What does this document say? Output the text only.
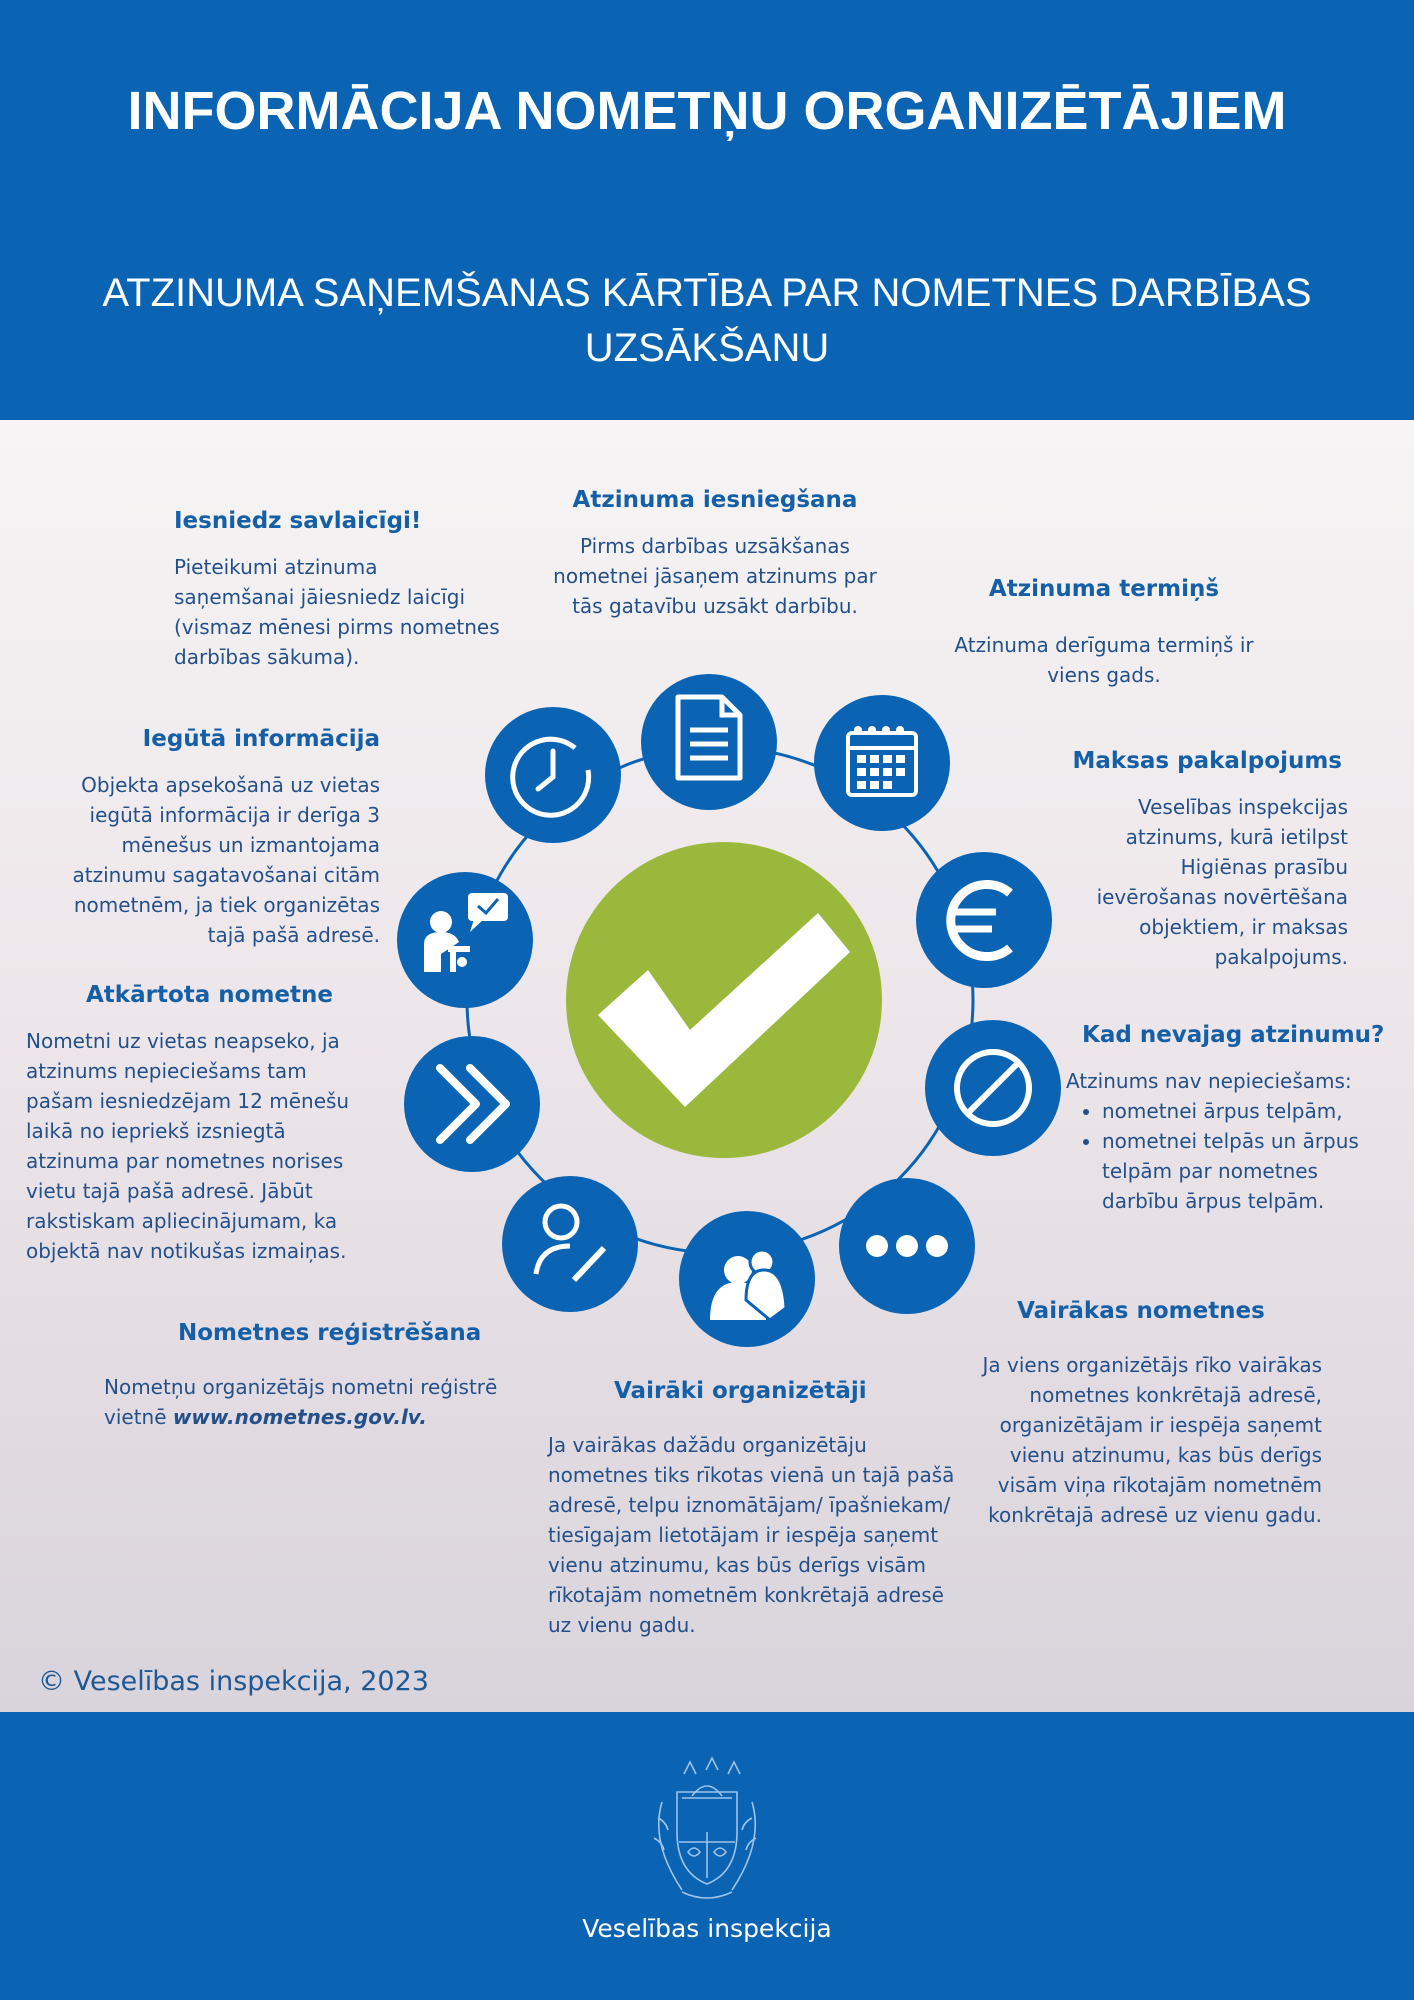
INFORMĀCIJA NOMETŅU ORGANIZĒTĀJIEM
ATZINUMA SAŅEMŠANAS KĀRTĪBA PAR NOMETNES DARBĪBAS UZSĀKŠANU
Iesniedz savlaicīgi!

Pieteikumi atzinuma saņemšanai jāiesniedz laicīgi (vismaz mēnesi pirms nometnes darbības sākuma).

Atzinuma iesniegšana

Pirms darbības uzsākšanas nometnei jāsaņem atzinums par tās gatavību uzsākt darbību.

Atzinuma termiņš

Atzinuma derīguma termiņš ir viens gads.

Maksas pakalpojums

Veselības inspekcijas atzinums, kurā ietilpst Higiēnas prasību ievērošanas novērtēšana objektiem, ir maksas pakalpojums.

Iegūtā informācija

Objekta apsekošanā uz vietas iegūtā informācija ir derīga 3 mēnešus un izmantojama atzinumu sagatavošanai citām nometnēm, ja tiek organizētas tajā pašā adresē.

Atkārtota nometne

Nometni uz vietas neapseko, ja atzinums nepieciešams tam pašam iesniedzējam 12 mēnešu laikā no iepriekš izsniegtā atzinuma par nometnes norises vietu tajā pašā adresē. Jābūt rakstiskam apliecinājumam, ka objektā nav notikušas izmaiņas.

Kad nevajag atzinumu?

Atzinums nav nepieciešams:

• nometnei ārpus telpām,
• nometnei telpās un ārpus telpām par nometnes darbību ārpus telpām.
Vairākas nometnes

Ja viens organizētājs rīko vairākas nometnes konkrētajā adresē, organizētājam ir iespēja saņemt vienu atzinumu, kas būs derīgs visām viņa rīkotajām nometnēm konkrētajā adresē uz vienu gadu.

Nometnes reģistrēšana

Nometņu organizētājs nometni reģistrē vietnē www.nometnes.gov.lv.

Vairāki organizētāji

Ja vairākas dažādu organizētāju nometnes tiks rīkotas vienā un tajā pašā adresē, telpu iznomātājam/ īpašniekam/ tiesīgajam lietotājam ir iespēja saņemt vienu atzinumu, kas būs derīgs visām rīkotajām nometnēm konkrētajā adresē uz vienu gadu.

© Veselības inspekcija, 2023
Veselības inspekcija
